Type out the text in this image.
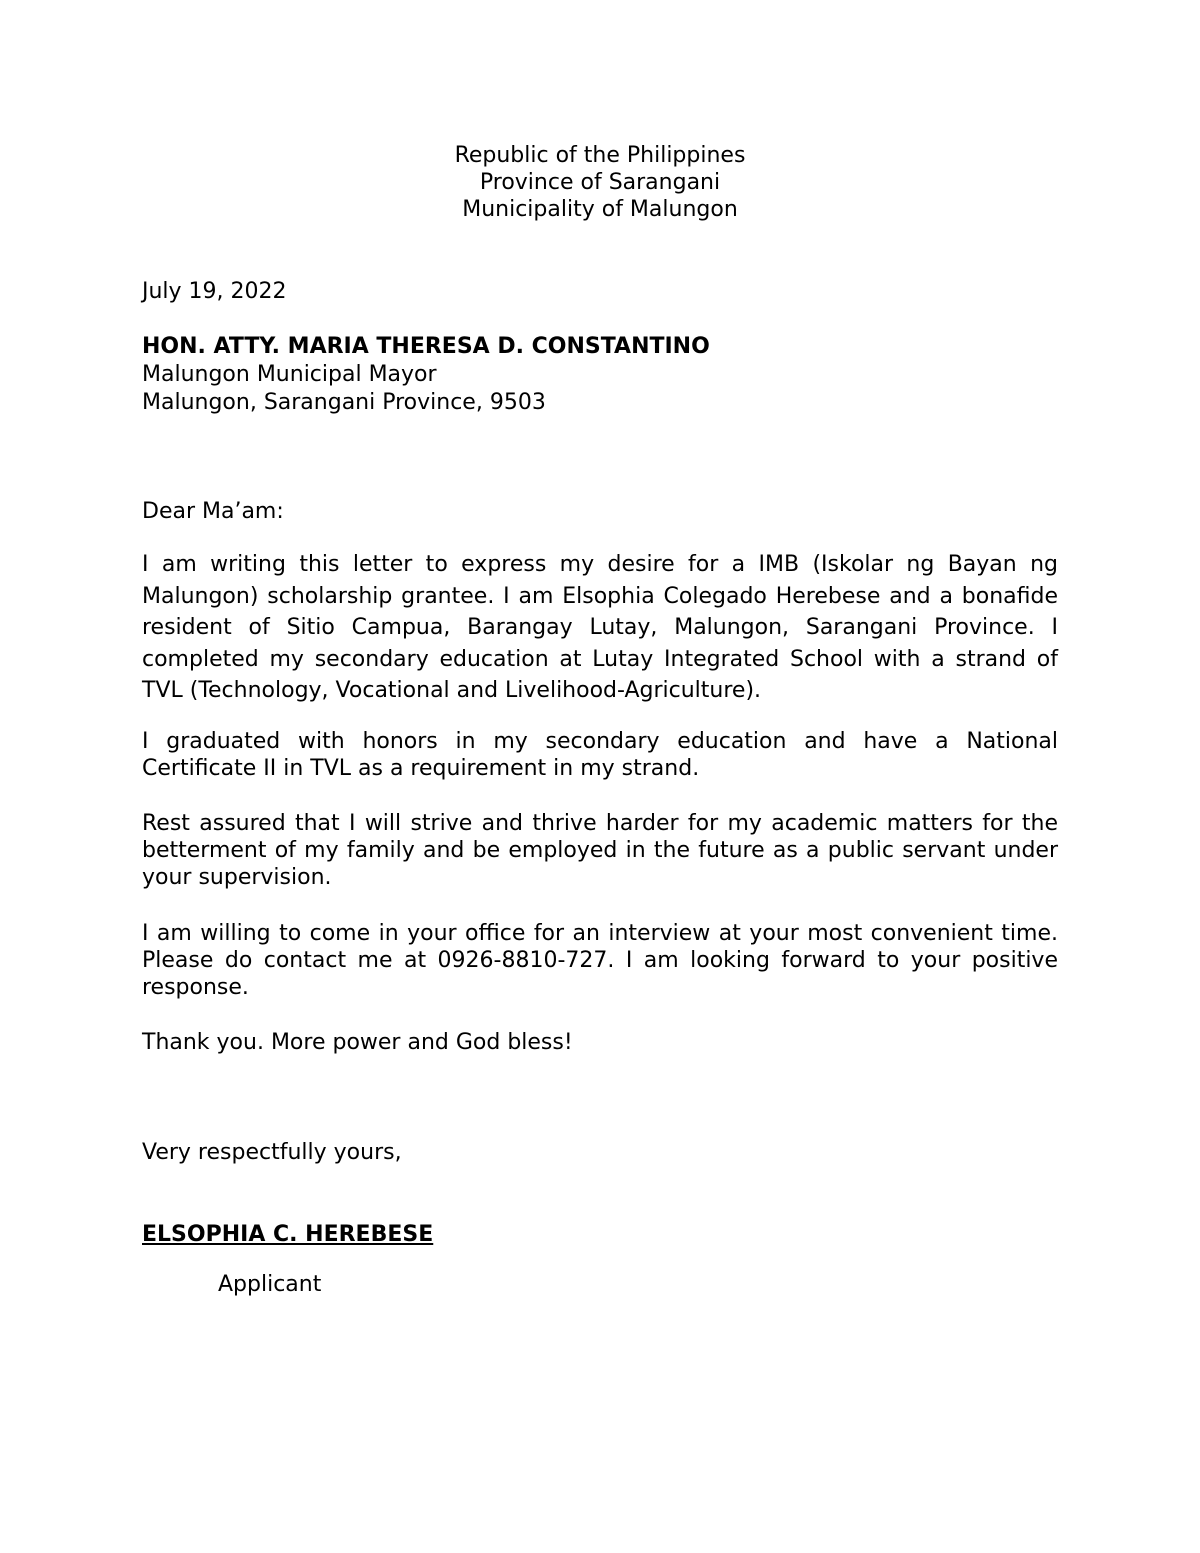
Republic of the Philippines
Province of Sarangani
Municipality of Malungon
July 19, 2022
HON. ATTY. MARIA THERESA D. CONSTANTINO
Malungon Municipal Mayor
Malungon, Sarangani Province, 9503
Dear Ma’am:
I am writing this letter to express my desire for a IMB (Iskolar ng Bayan ng Malungon) scholarship grantee. I am Elsophia Colegado Herebese and a bonafide resident of Sitio Campua, Barangay Lutay, Malungon, Sarangani Province. I completed my secondary education at Lutay Integrated School with a strand of TVL (Technology, Vocational and Livelihood-Agriculture).
I graduated with honors in my secondary education and have a National Certificate II in TVL as a requirement in my strand.
Rest assured that I will strive and thrive harder for my academic matters for the betterment of my family and be employed in the future as a public servant under your supervision.
I am willing to come in your office for an interview at your most convenient time. Please do contact me at 0926-8810-727. I am looking forward to your positive response.
Thank you. More power and God bless!
Very respectfully yours,
ELSOPHIA C. HEREBESE
Applicant
